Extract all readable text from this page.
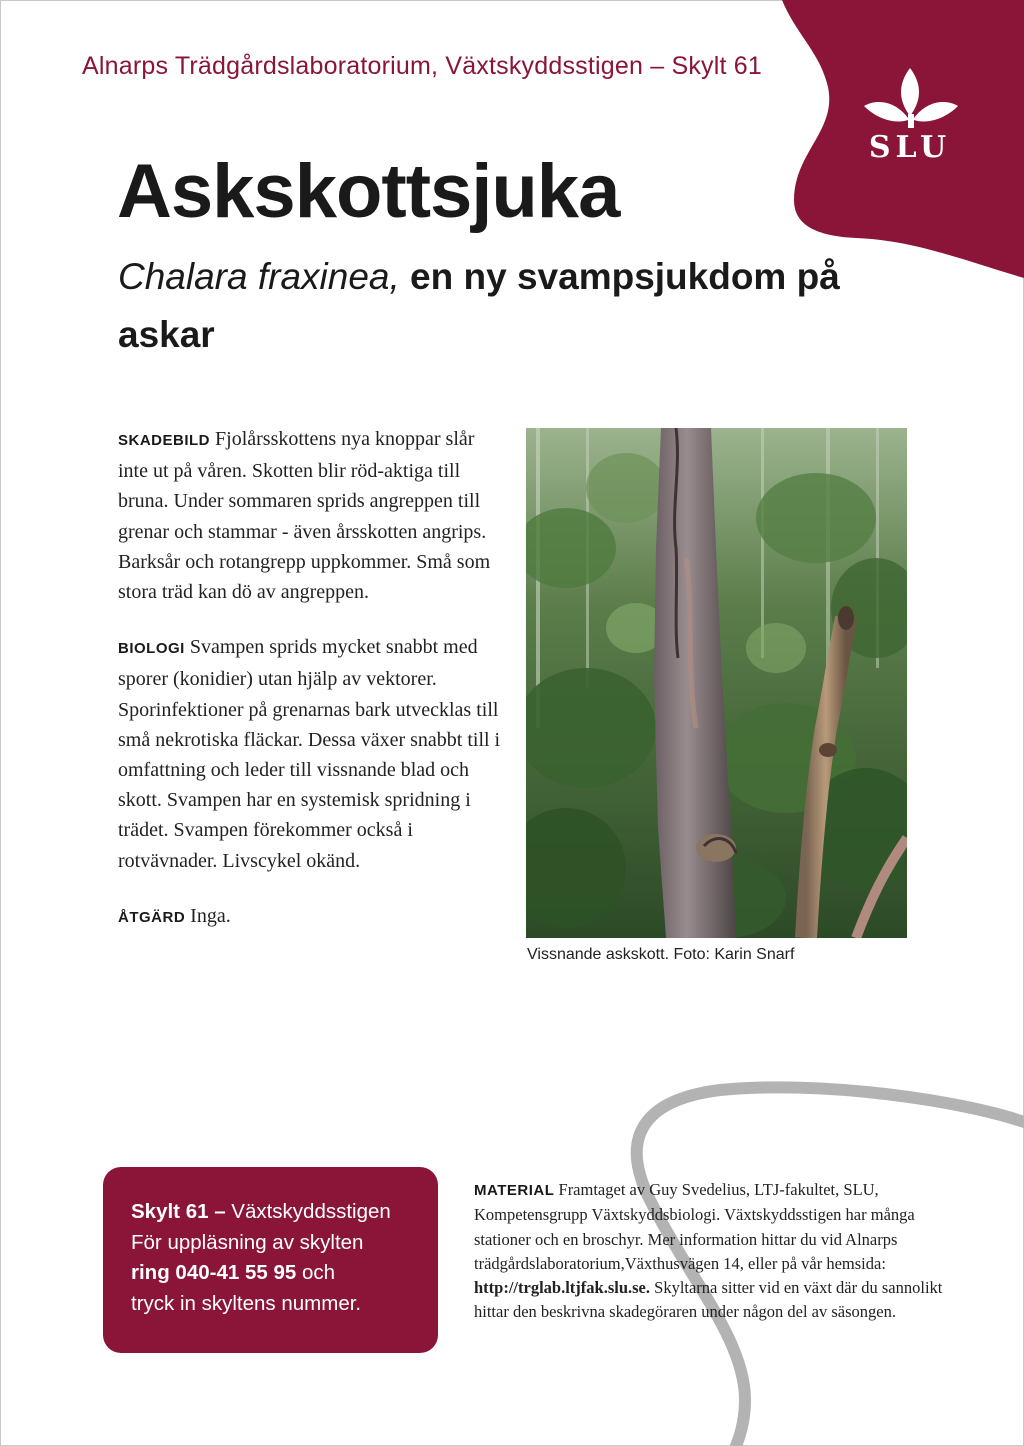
SLU
Alnarps Trädgårdslaboratorium, Växtskyddsstigen – Skylt 61
Askskottsjuka
Chalara fraxinea, en ny svampsjukdom på askar

SKADEBILD Fjolårsskottens nya knoppar slår inte ut på våren. Skotten blir röd-aktiga till bruna. Under sommaren sprids angreppen till grenar och stammar - även årsskotten angrips. Barksår och rotangrepp uppkommer. Små som stora träd kan dö av angreppen.

BIOLOGI Svampen sprids mycket snabbt med sporer (konidier) utan hjälp av vektorer. Sporinfektioner på grenarnas bark utvecklas till små nekrotiska fläckar. Dessa växer snabbt till i omfattning och leder till vissnande blad och skott. Svampen har en systemisk spridning i trädet. Svampen förekommer också i rotvävnader. Livscykel okänd.

ÅTGÄRD Inga.

Vissnande askskott. Foto: Karin Snarf
Skylt 61 – Växtskyddsstigen
För uppläsning av skylten
ring 040-41 55 95 och
tryck in skyltens nummer.
MATERIAL Framtaget av Guy Svedelius, LTJ-fakultet, SLU, Kompetensgrupp Växtskyddsbiologi. Växtskyddsstigen har många stationer och en broschyr. Mer information hittar du vid Alnarps trädgårdslaboratorium,Växthusvägen 14, eller på vår hemsida: http://trglab.ltjfak.slu.se. Skyltarna sitter vid en växt där du sannolikt hittar den beskrivna skadegöraren under någon del av säsongen.
